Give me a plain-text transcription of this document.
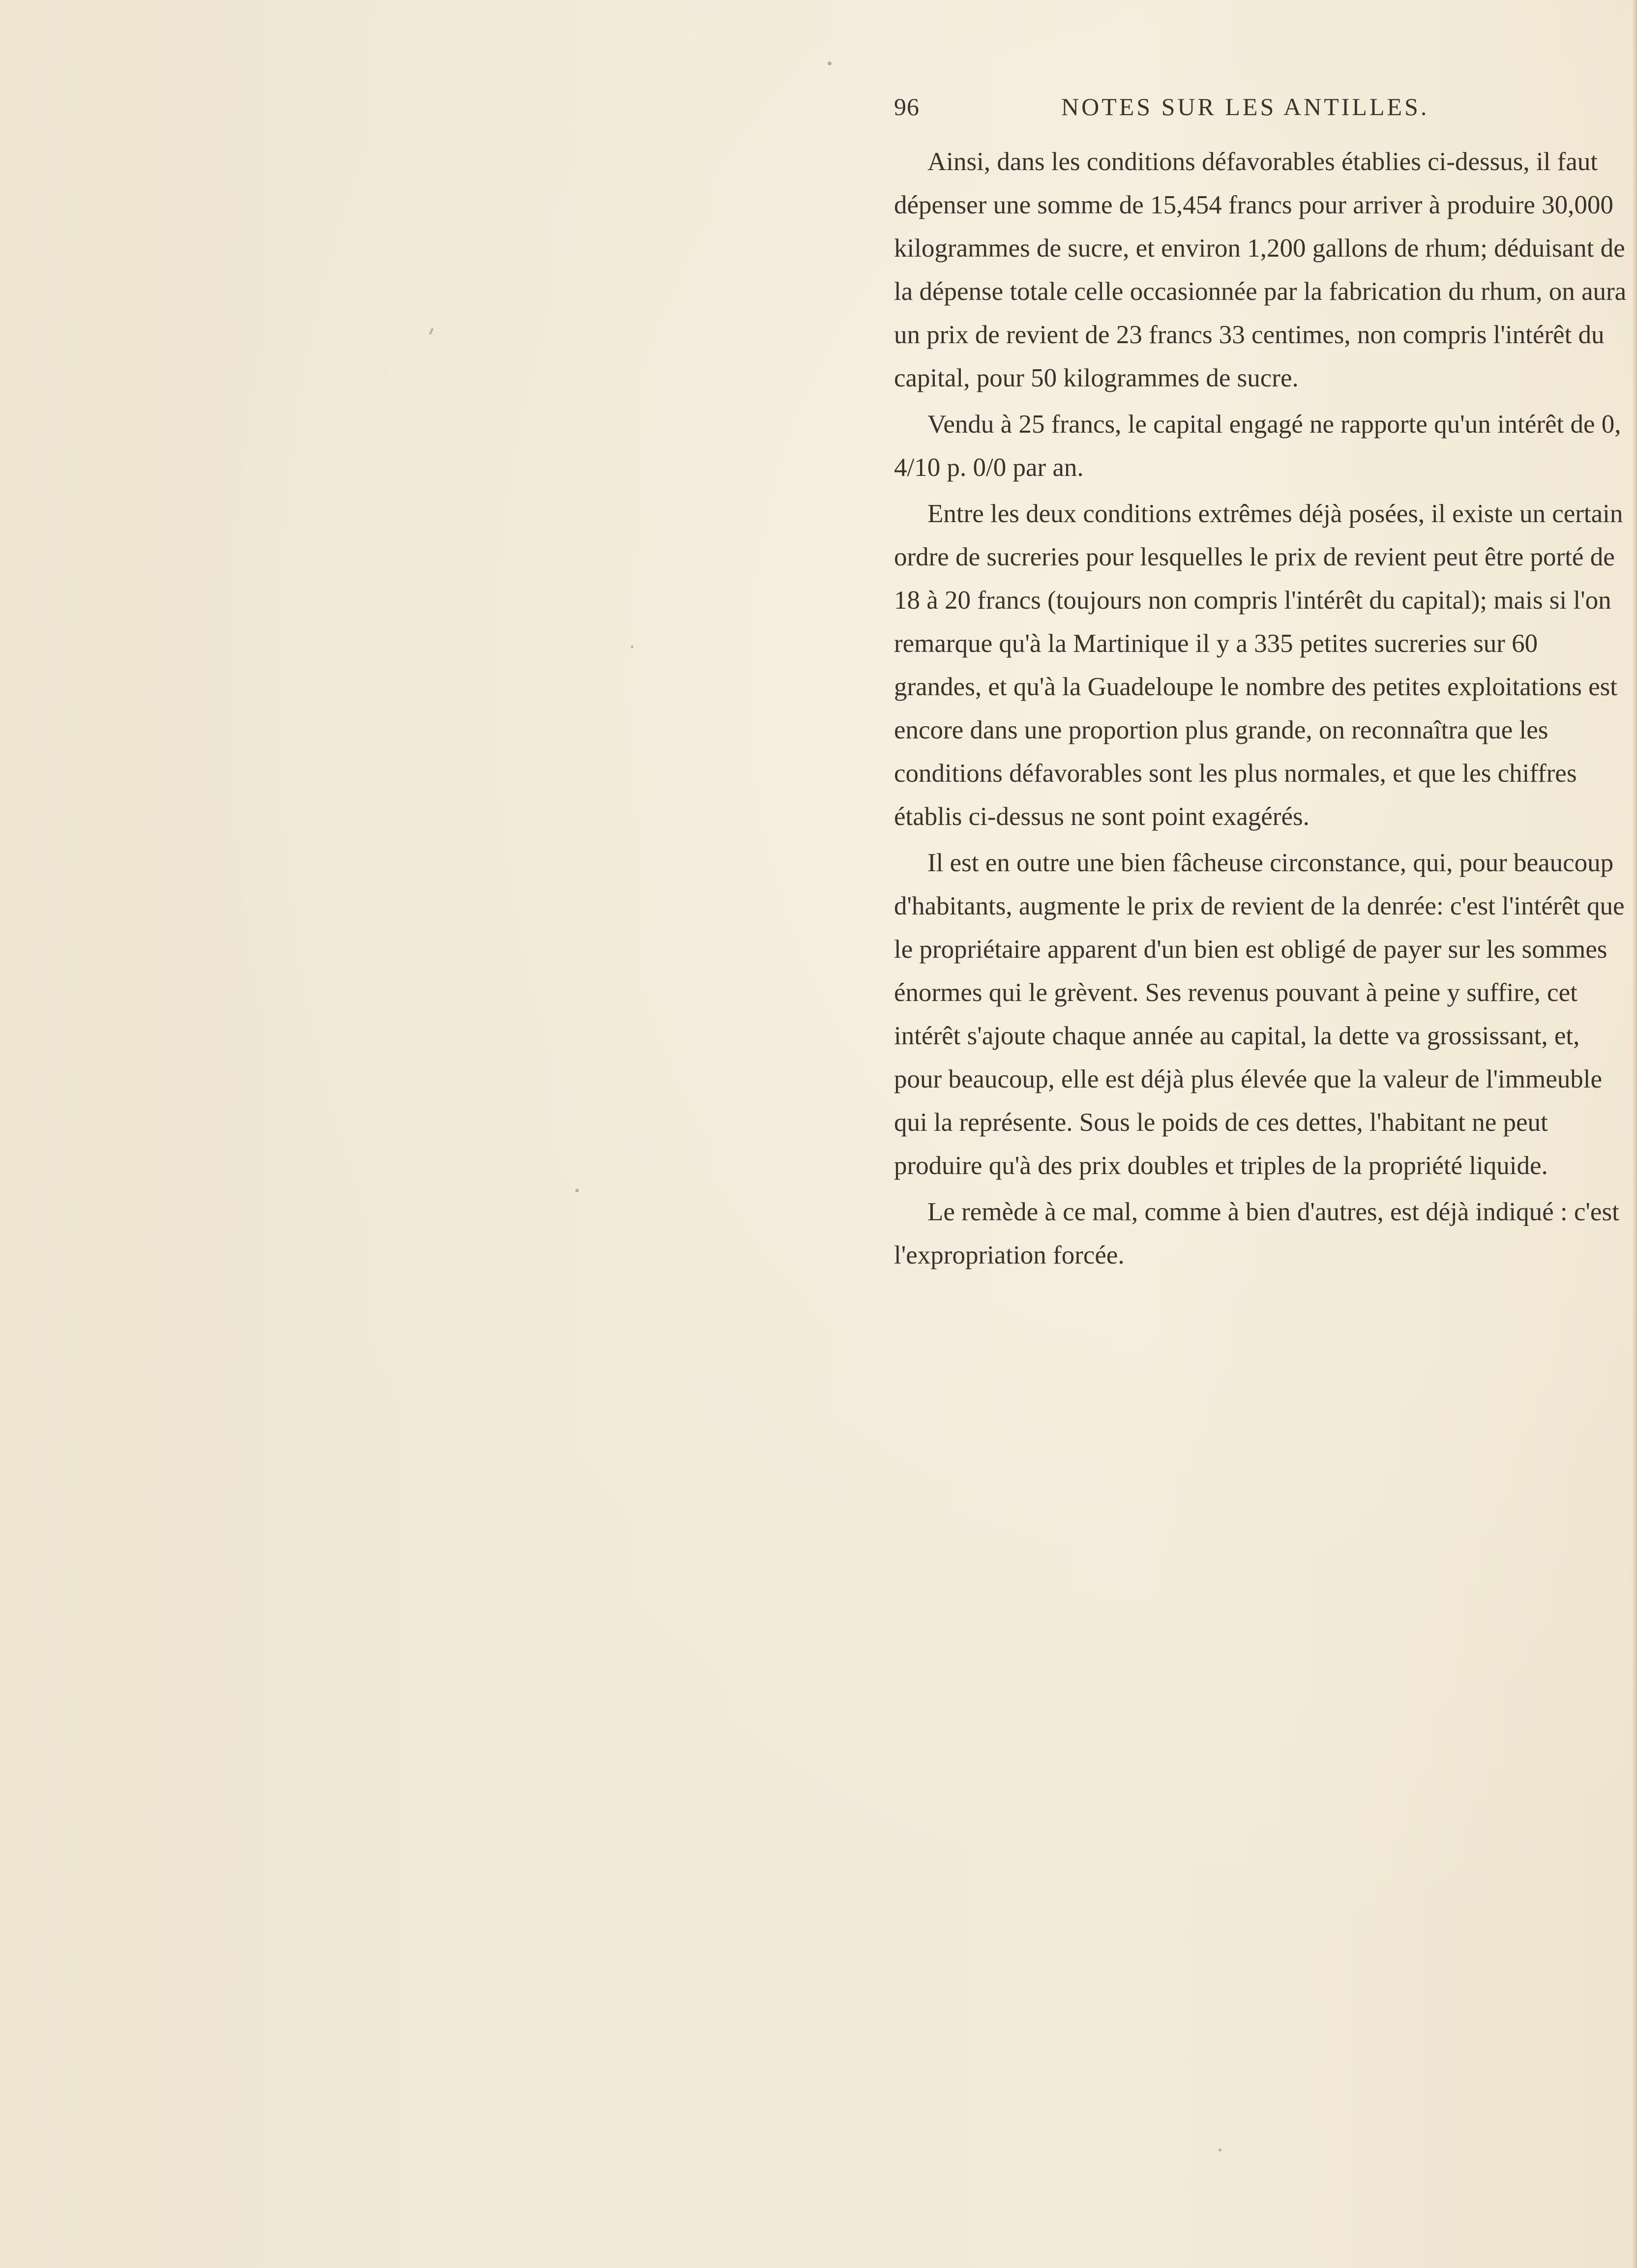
96	NOTES SUR LES ANTILLES.

Ainsi, dans les conditions défavorables établies ci-dessus, il faut dépenser une somme de 15,454 francs pour arriver à produire 30,000 kilogrammes de sucre, et environ 1,200 gallons de rhum; déduisant de la dépense totale celle occasionnée par la fabrication du rhum, on aura un prix de revient de 23 francs 33 centimes, non compris l'intérêt du capital, pour 50 kilogrammes de sucre.

Vendu à 25 francs, le capital engagé ne rapporte qu'un intérêt de 0, 4/10 p. 0/0 par an.

Entre les deux conditions extrêmes déjà posées, il existe un certain ordre de sucreries pour lesquelles le prix de revient peut être porté de 18 à 20 francs (toujours non compris l'intérêt du capital); mais si l'on remarque qu'à la Martinique il y a 335 petites sucreries sur 60 grandes, et qu'à la Guadeloupe le nombre des petites exploitations est encore dans une proportion plus grande, on reconnaîtra que les conditions défavorables sont les plus normales, et que les chiffres établis ci-dessus ne sont point exagérés.

Il est en outre une bien fâcheuse circonstance, qui, pour beaucoup d'habitants, augmente le prix de revient de la denrée: c'est l'intérêt que le propriétaire apparent d'un bien est obligé de payer sur les sommes énormes qui le grèvent. Ses revenus pouvant à peine y suffire, cet intérêt s'ajoute chaque année au capital, la dette va grossissant, et, pour beaucoup, elle est déjà plus élevée que la valeur de l'immeuble qui la représente. Sous le poids de ces dettes, l'habitant ne peut produire qu'à des prix doubles et triples de la propriété liquide.

Le remède à ce mal, comme à bien d'autres, est déjà indiqué : c'est l'expropriation forcée.
